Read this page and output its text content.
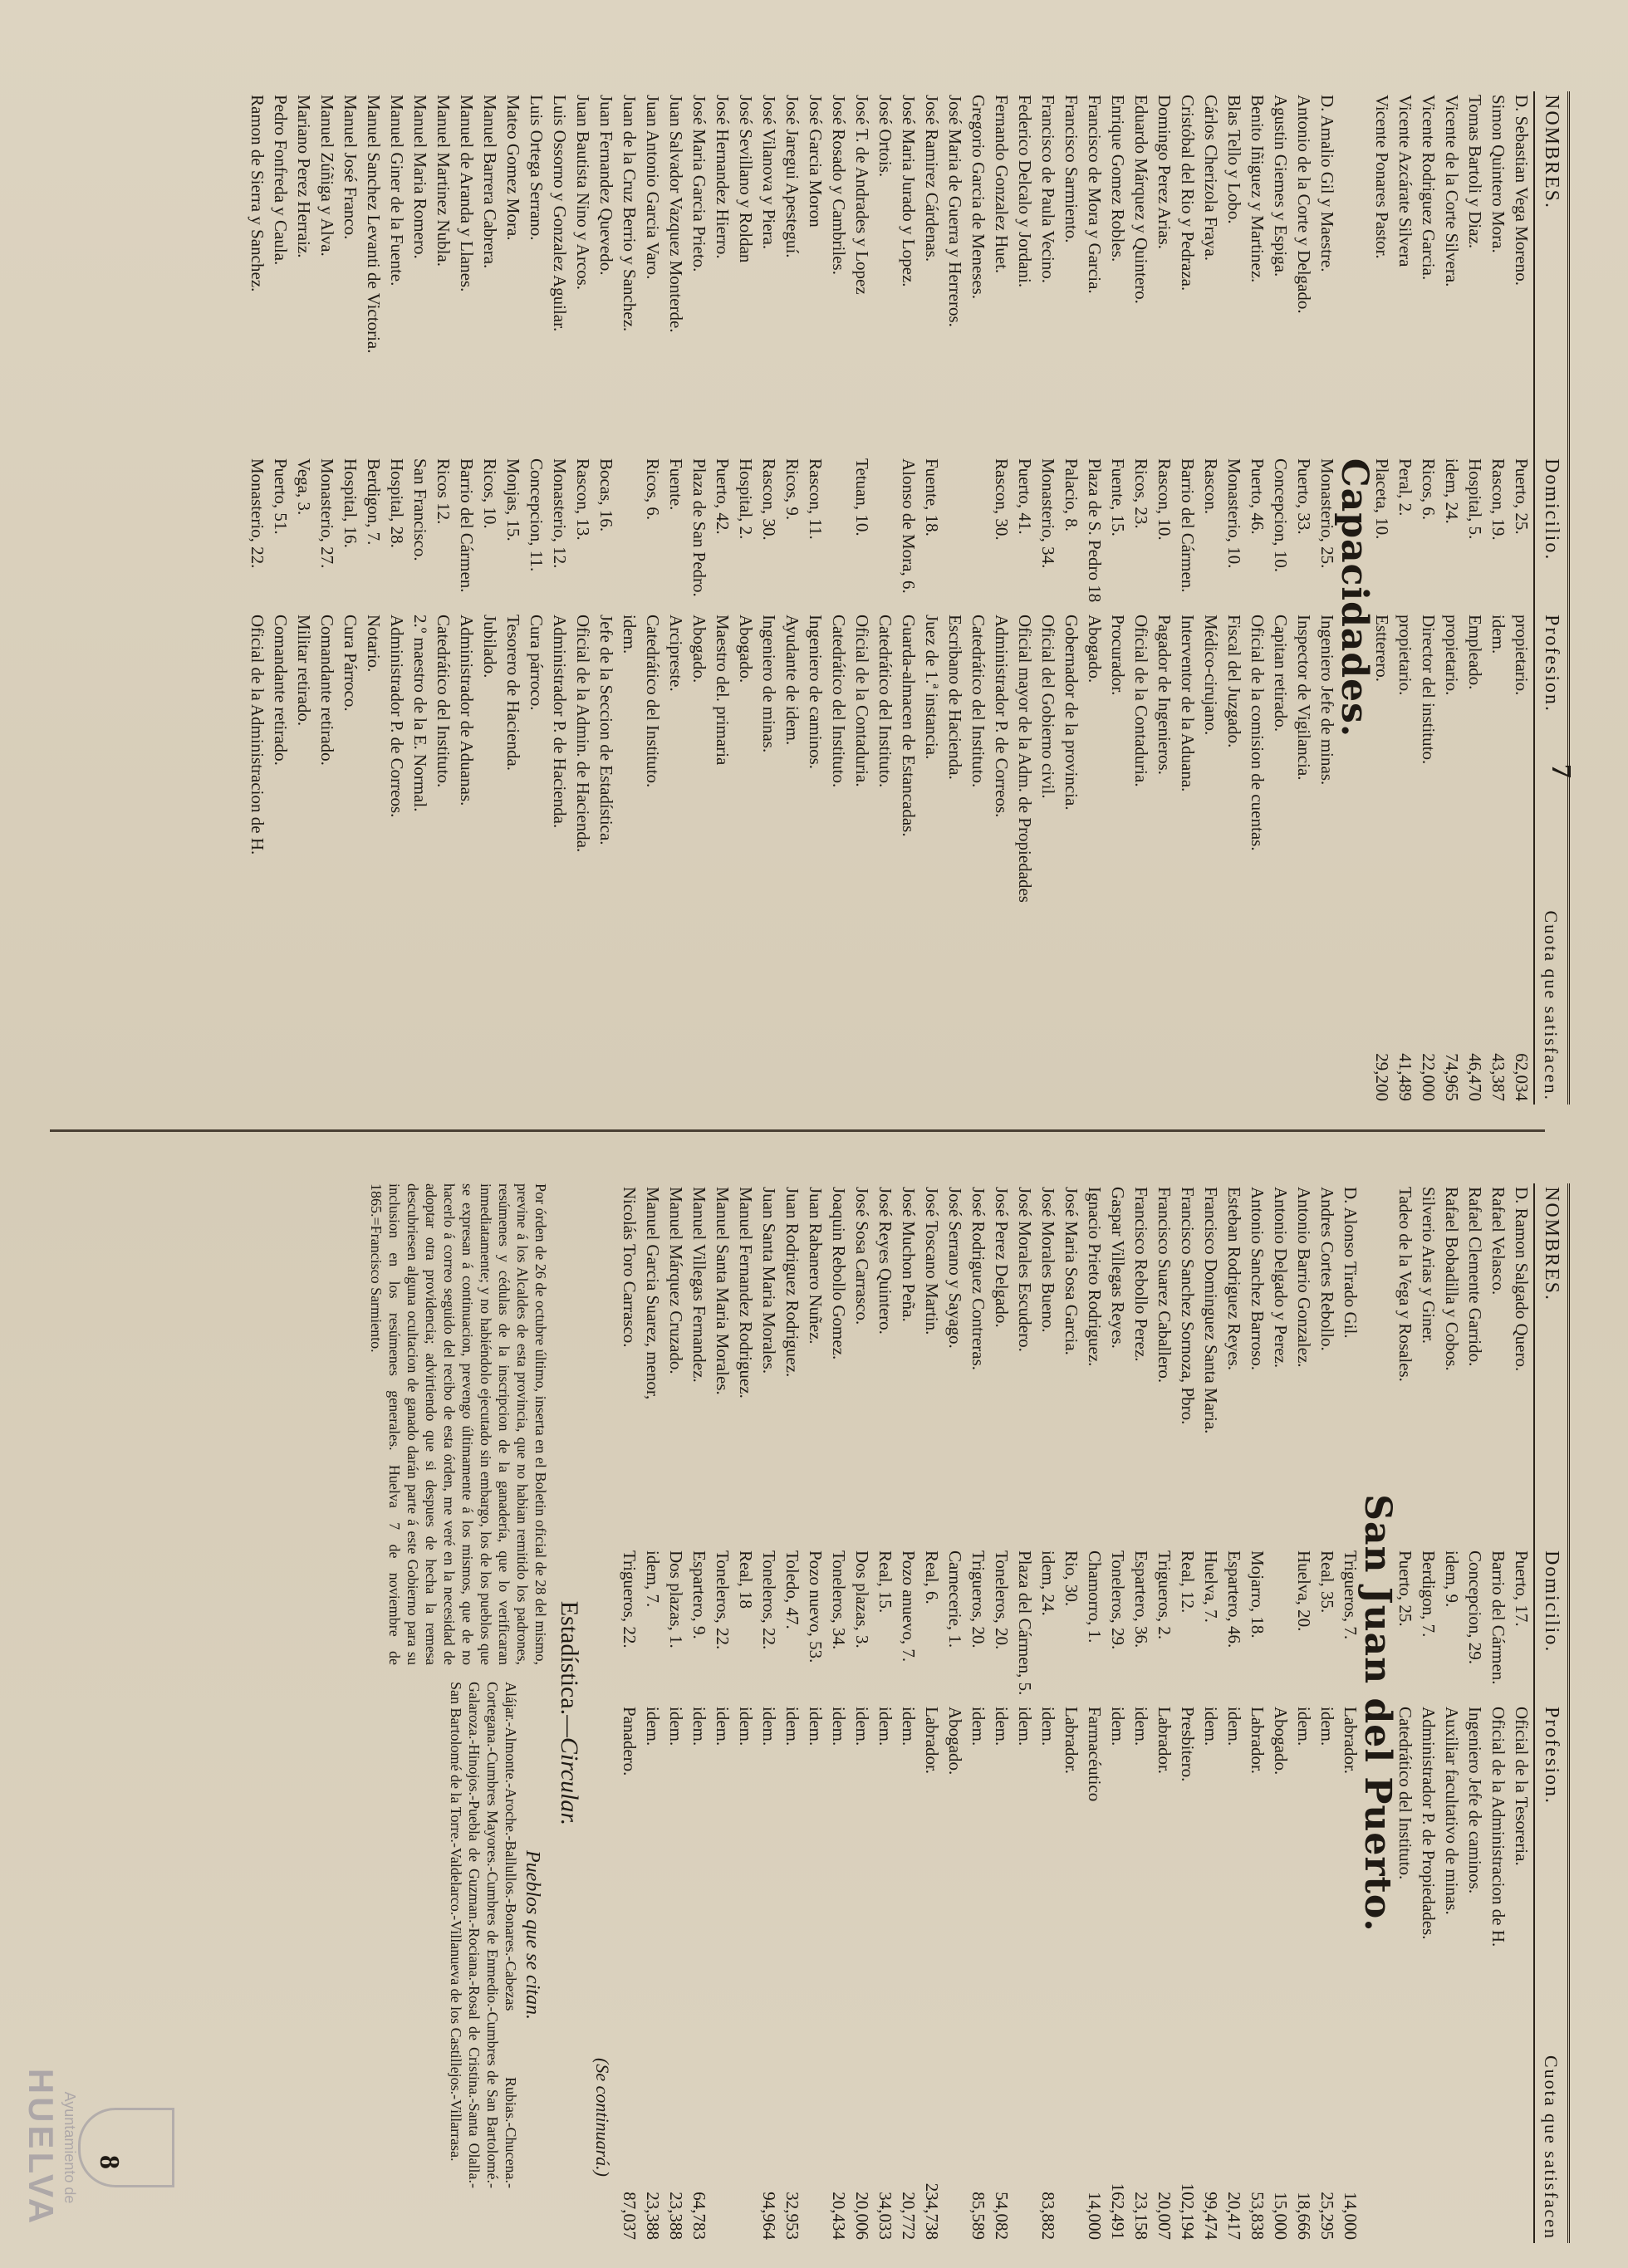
7
NOMBRES.	Domicilio.	Profesion.	Cuota que satisfacen.
D. Sebastian Vega Moreno.	Puerto, 25.	propietario.	62,034
Simon Quintero Mora.	Rascon, 19.	idem.	43,387
Tomas Bartoli y Diaz.	Hospital, 5.	Empleado.	46,470
Vicente de la Corte Silvera.	idem, 24.	propietario.	74,965
Vicente Rodriguez Garcia.	Ricos, 6.	Director del instituto.	22,000
Vicente Azcárate Silvera	Peral, 2.	propietario.	41,489
Vicente Ponares Pastor.	Placeta, 10.	Estterero.	29,200
Capacidades.			
D. Amalio Gil y Maestre.	Monasterio, 25.	Ingeniero Jefe de minas.	
Antonio de la Corte y Delgado.	Puerto, 33.	Inspector de Vigilancia.	
Agustin Giemes y Espiga.	Concepcion, 10.	Capitan retirado.	
Benito Iñiguez y Martinez.	Puerto, 46.	Oficial de la comision de cuentas.	
Blas Tello y Lobo.	Monasterio, 10.	Fiscal del Juzgado.	
Cárlos Cherizola Fraya.	Rascon.	Médico-cirujano.	
Cristóbal del Rio y Pedraza.	Barrio del Cármen.	Interventor de la Aduana.	
Domingo Perez Arias.	Rascon, 10.	Pagador de Ingenieros.	
Eduardo Márquez y Quintero.	Ricos, 23.	Oficial de la Contaduria.	
Enrique Gomez Robles.	Fuente, 15.	Procurador.	
Francisco de Mora y Garcia.	Plaza de S. Pedro 18	Abogado.	
Francisco Sarmiento.	Palacio, 8.	Gobernador de la provincia.	
Francisco de Paula Vecino.	Monasterio, 34.	Oficial del Gobierno civil.	
Federico Delcalo y Jordani.	Puerto, 41.	Oficial mayor de la Adm. de Propiedades	
Fernando Gonzalez Huet.	Rascon, 30.	Administrador P. de Correos.	
Gregorio Garcia de Meneses.		Catedrático del Instituto.	
José Maria de Guerra y Herreros.		Escribano de Hacienda.	
José Ramirez Cárdenas.	Fuente, 18.	Juez de 1.ª instancia.	
José Maria Jurado y Lopez.	Alonso de Mora, 6.	Guarda-almacen de Estancadas.	
José Ortois.		Catedrático del Instituto.	
José T. de Andrades y Lopez	Tetuan, 10.	Oficial de la Contaduria.	
José Rosado y Cambriles.		Catedrático del Instituto.	
José Garcia Moron	Rascon, 11.	Ingeniero de caminos.	
José Jaregui Apesteguí.	Ricos, 9.	Ayudante de idem.	
José Vilanova y Piera.	Rascon, 30.	Ingeniero de minas.	
José Sevillano y Roldan	Hospital, 2.	Abogado.	
José Hernandez Hierro.	Puerto, 42.	Maestro del. primaria	
José Maria Garcia Prieto.	Plaza de San Pedro.	Abogado.	
Juan Salvador Vazquez Monterde.	Fuente.	Arcipreste.	
Juan Antonio Garcia Varo.	Ricos, 6.	Catedrático del Instituto.	
Juan de la Cruz Berrio y Sanchez.		idem.	
Juan Fernandez Quevedo.	Bocas, 16.	Jefe de la Seccion de Estadística.	
Juan Bautista Nino y Arcos.	Rascon, 13.	Oficial de la Admin. de Hacienda.	
Luis Ossorno y Gonzalez Aguilar.	Monasterio, 12.	Administrador P. de Hacienda.	
Luis Ortega Serrano.	Concepcion, 11.	Cura párroco.	
Mateo Gomez Mora.	Monjas, 15.	Tesorero de Hacienda.	
Manuel Barrera Cabrera.	Ricos, 10.	Jubilado.	
Manuel de Aranda y Llanes.	Barrio del Cármen.	Administrador de Aduanas.	
Manuel Martinez Nubla.	Ricos 12.	Catedrático del Instituto.	
Manuel Maria Romero.	San Francisco.	2.º maestro de la E. Normal.	
Manuel Giner de la Fuente.	Hospital, 28.	Administrador P. de Correos.	
Manuel Sanchez Levanti de Victoria.	Berdigon, 7.	Notario.	
Manuel José Franco.	Hospital, 16.	Cura Párroco.	
Manuel Zúñiga y Alva.	Monasterio, 27.	Comandante retirado.	
Mariano Perez Herraiz.	Vega, 3.	Militar retirado.	
Pedro Fonfreda y Caula.	Puerto, 51.	Comandante retirado.	
Ramon de Sierra y Sanchez.	Monasterio, 22.	Oficial de la Administracion de H.	
NOMBRES.	Domicilio.	Profesion.	Cuota que satisfacen
D. Ramon Salgado Quero.	Puerto, 17.	Oficial de la Tesoreria.	
Rafael Velasco.	Barrio del Cármen.	Oficial de la Administracion de H.	
Rafael Clemente Garrido.	Concepcion, 29.	Ingeniero Jefe de caminos.	
Rafael Bobadilla y Cobos.	idem, 9.	Auxiliar facultativo de minas.	
Silverio Arias y Giner.	Berdigon, 7.	Administrador P. de Propiedades.	
Tadeo de la Vega y Rosales.	Puerto, 25.	Catedrático del Instituto.	
San Juan del Puerto.			
D. Alonso Tirado Gil.	Trigueros, 7.	Labrador.	14,000
Andres Cortes Rebollo.	Real, 35.	idem.	25,295
Antonio Barrio Gonzalez.	Huelva, 20.	idem.	18,666
Antonio Delgado y Perez.		Abogado.	15,000
Antonio Sanchez Barroso.	Mojarro, 18.	Labrador.	53,838
Esteban Rodriguez Reyes.	Espartero, 46.	idem.	20,417
Francisco Dominguez Santa Maria.	Huelva, 7.	idem.	99,474
Francisco Sanchez Sornoza, Pbro.	Real, 12.	Presbitero.	102,194
Francisco Suarez Caballero.	Trigueros, 2.	Labrador.	20,007
Francisco Rebollo Perez.	Espartero, 36.	idem.	23,158
Gaspar Villegas Reyes.	Toneleros, 29.	idem.	162,491
Ignacio Prieto Rodriguez.	Chamorro, 1.	Farmacéutico	14,000
José Maria Sosa Garcia.	Rio, 30.	Labrador.	
José Morales Bueno.	idem, 24.	idem.	83,882
José Morales Escudero.	Plaza del Cármen, 5.	idem.	
José Perez Delgado.	Toneleros, 20.	idem.	54,082
José Rodriguez Contreras.	Trigueros, 20.	idem.	85,589
José Serrano y Sayago.	Carnecerie, 1.	Abogado.	
José Toscano Martin.	Real, 6.	Labrador.	234,738
José Muchon Peña.	Pozo anuevo, 7.	idem.	20,772
José Reyes Quintero.	Real, 15.	idem.	34,033
José Sosa Carrasco.	Dos plazas, 3.	idem.	20,006
Joaquin Rebollo Gomez.	Toneleros, 34.	idem.	20,434
Juan Rabanero Nuñez.	Pozo nuevo, 53.	idem.	
Juan Rodriguez Rodriguez.	Toledo, 47.	idem.	32,953
Juan Santa Maria Morales.	Toneleros, 22.	idem.	94,964
Manuel Fernandez Rodriguez.	Real, 18	idem.	
Manuel Santa Maria Morales.	Toneleros, 22.	idem.	
Manuel Villegas Fernandez.	Espartero, 9.	idem.	64,783
Manuel Márquez Cruzado.	Dos plazas, 1.	idem.	23,388
Manuel Garcia Suarez, menor,	idem, 7.	idem.	23,388
Nicolás Toro Carrasco.	Trigueros, 22.	Panadero.	87,037
(Se continuará.)
Estadística.—Circular.
Por órden de 26 de octubre último, inserta en el Boletin oficial de 28 del mismo, previne á los Alcaldes de esta provincia, que no habian remitido los padrones, resúmenes y cédulas de la inscripcion de la ganadería, que lo verificaran inmediatamente; y no habiéndolo ejecutado sin embargo, los de los pueblos que se expresan á continuacion, prevengo últimamente á los mismos, que de no hacerlo á correo seguido del recibo de esta órden, me veré en la necesidad de adoptar otra providencia; advirtiendo que si despues de hecha la remesa descubriesen alguna ocultacion de ganado darán parte á este Gobierno para su inclusion en los resúmenes generales. Huelva 7 de noviembre de 1865.=Francisco Sarmiento.
Pueblos que se citan.
Alájar.-Almonte.-Aroche.-Ballullos.-Bonares.-Cabezas Rubias.-Chucena.-Cortegana.-Cumbres Mayores.-Cumbres de Enmedio.-Cumbres de San Bartolomé.-Galaroza.-Hinojos.-Puebla de Guzman.-Rociana.-Rosal de Cristina.-Santa Olalla.-San Bartolomé de la Torre.-Valdelarco.-Villanueva de los Castillejos.-Villarrasa.
8
Ayuntamiento de
HUELVA
